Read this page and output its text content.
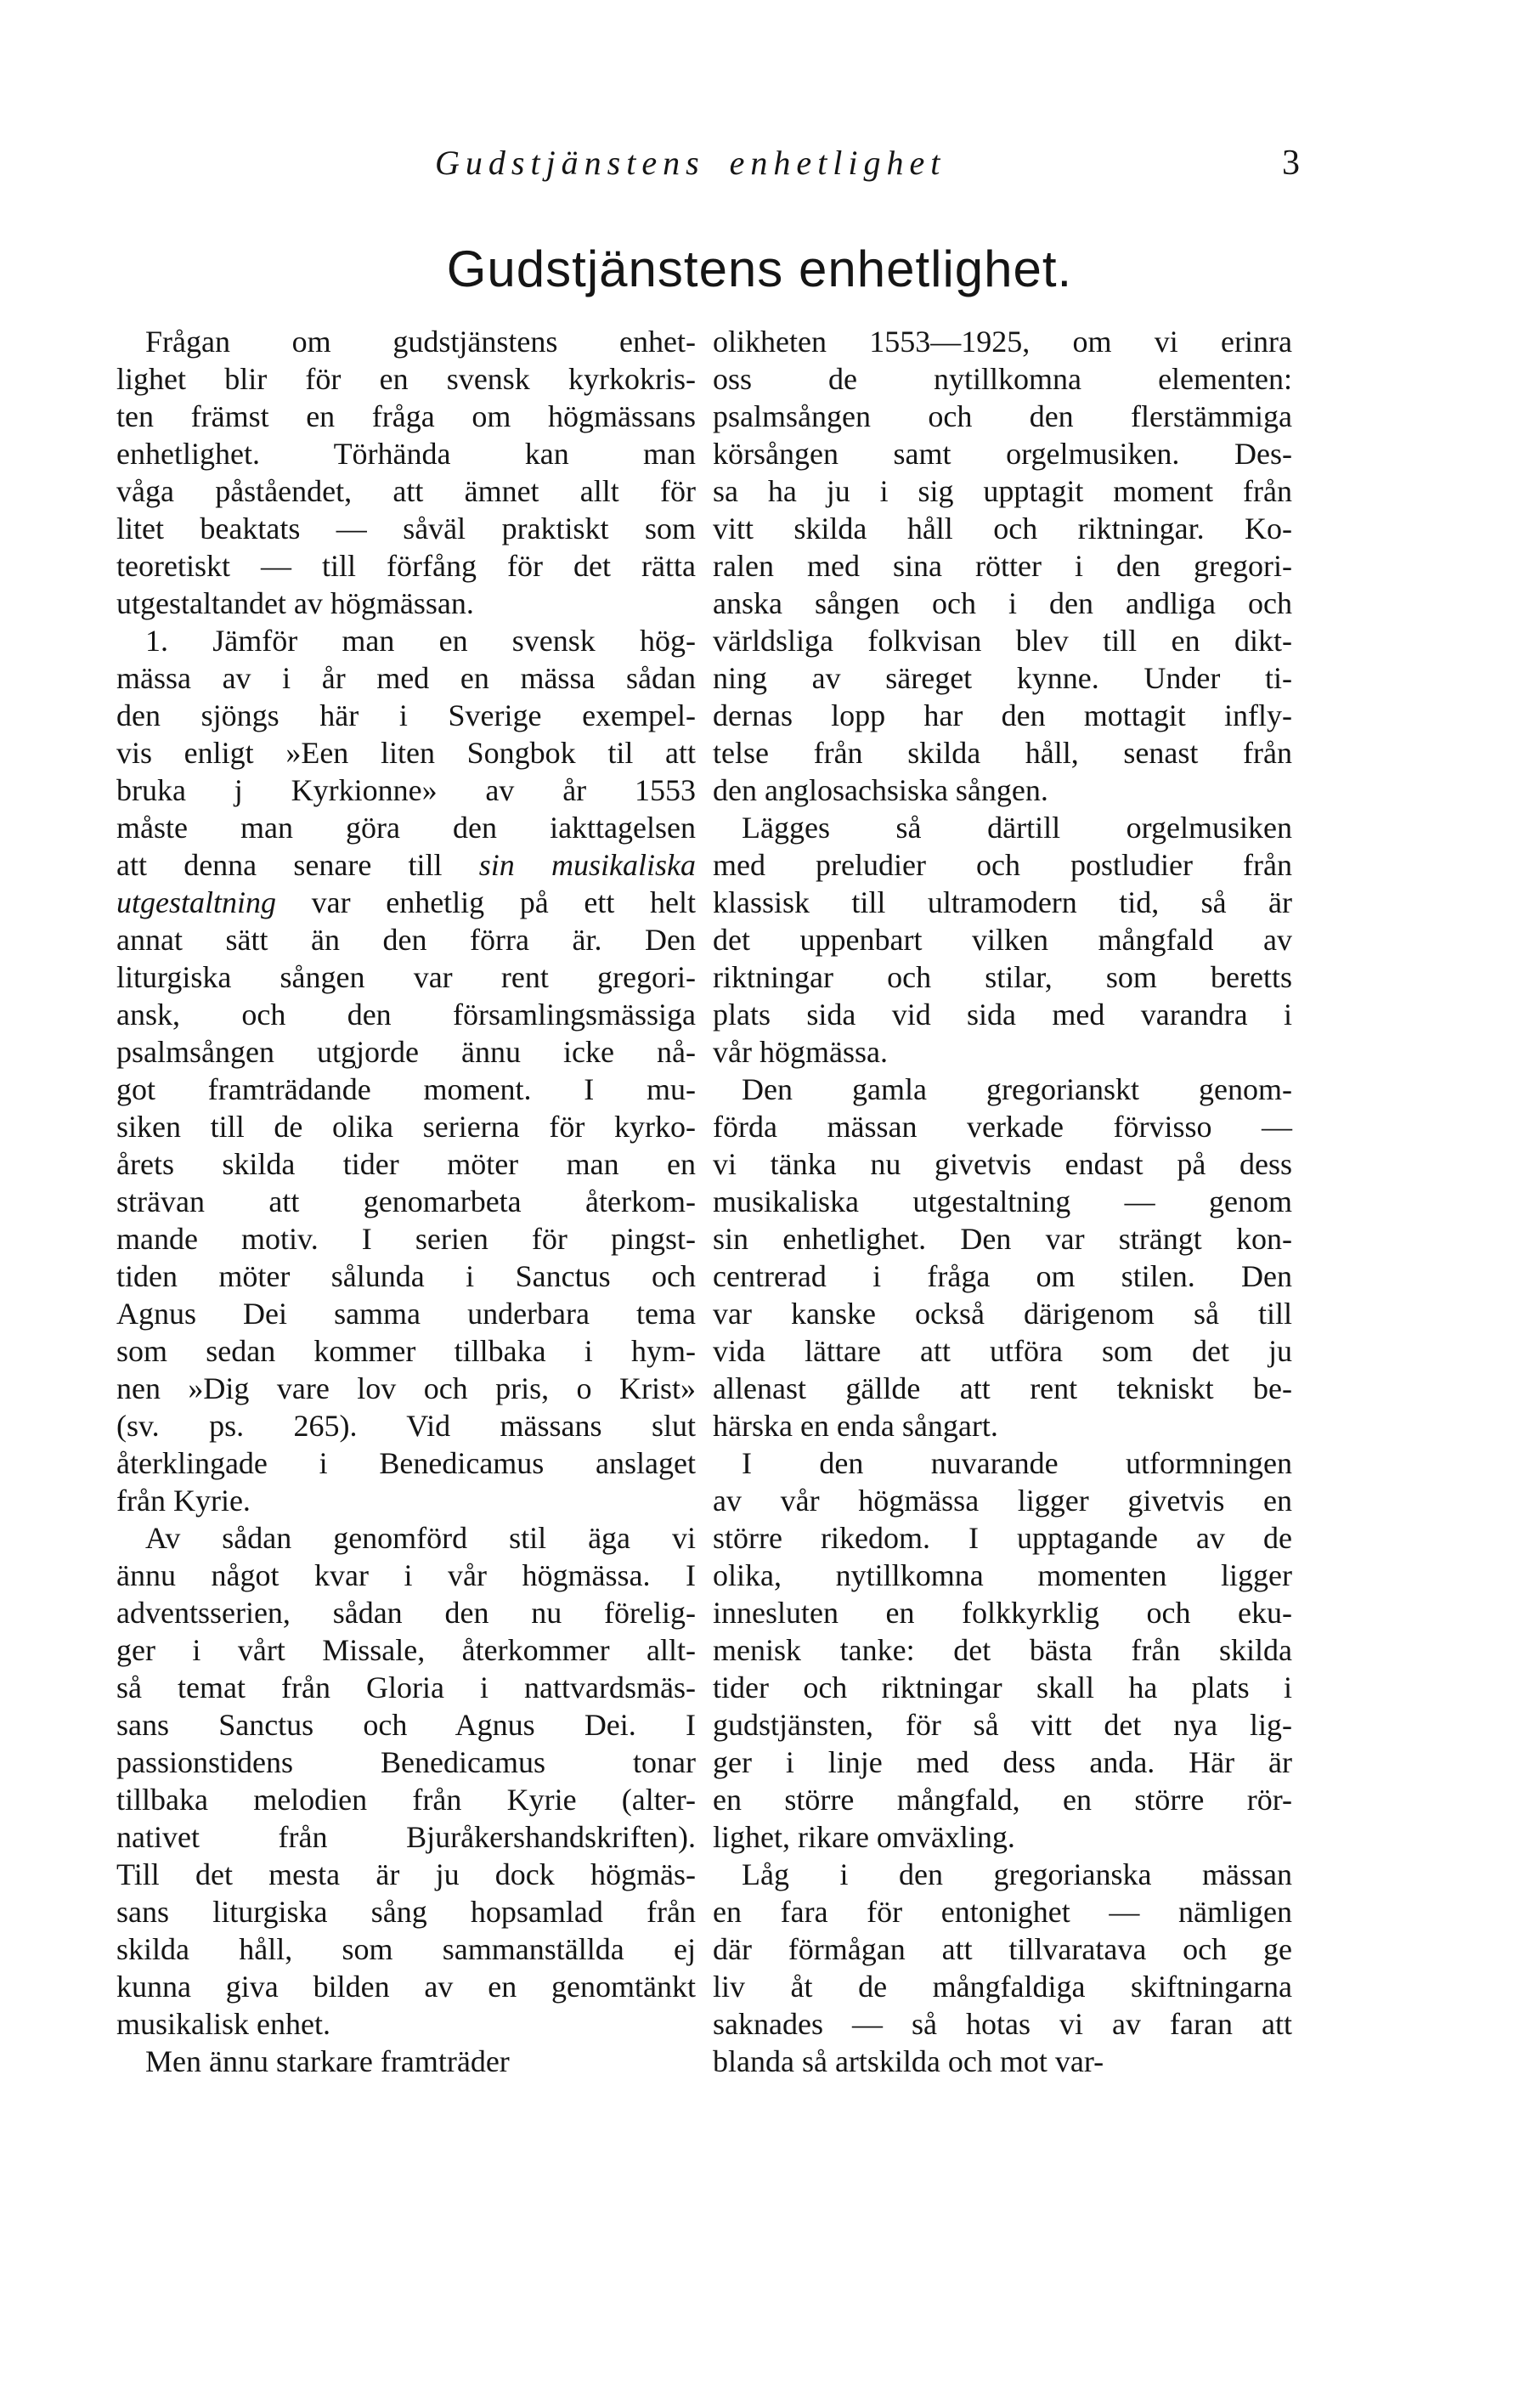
Gudstjänstens enhetlighet	3
Gudstjänstens enhetlighet.
Frågan om gudstjänstens enhet-
lighet blir för en svensk kyrkokris-
ten främst en fråga om högmässans
enhetlighet. Törhända kan man
våga påståendet, att ämnet allt för
litet beaktats — såväl praktiskt som
teoretiskt — till förfång för det rätta
utgestaltandet av högmässan.
1. Jämför man en svensk hög-
mässa av i år med en mässa sådan
den sjöngs här i Sverige exempel-
vis enligt »Een liten Songbok til att
bruka j Kyrkionne» av år 1553
måste man göra den iakttagelsen
att denna senare till sin musikaliska
utgestaltning var enhetlig på ett helt
annat sätt än den förra är. Den
liturgiska sången var rent gregori-
ansk, och den församlingsmässiga
psalmsången utgjorde ännu icke nå-
got framträdande moment. I mu-
siken till de olika serierna för kyrko-
årets skilda tider möter man en
strävan att genomarbeta återkom-
mande motiv. I serien för pingst-
tiden möter sålunda i Sanctus och
Agnus Dei samma underbara tema
som sedan kommer tillbaka i hym-
nen »Dig vare lov och pris, o Krist»
(sv. ps. 265). Vid mässans slut
återklingade i Benedicamus anslaget
från Kyrie.
Av sådan genomförd stil äga vi
ännu något kvar i vår högmässa. I
adventsserien, sådan den nu förelig-
ger i vårt Missale, återkommer allt-
så temat från Gloria i nattvardsmäs-
sans Sanctus och Agnus Dei. I
passionstidens Benedicamus tonar
tillbaka melodien från Kyrie (alter-
nativet från Bjuråkershandskriften).
Till det mesta är ju dock högmäs-
sans liturgiska sång hopsamlad från
skilda håll, som sammanställda ej
kunna giva bilden av en genomtänkt
musikalisk enhet.
Men ännu starkare framträder
olikheten 1553—1925, om vi erinra
oss de nytillkomna elementen:
psalmsången och den flerstämmiga
körsången samt orgelmusiken. Des-
sa ha ju i sig upptagit moment från
vitt skilda håll och riktningar. Ko-
ralen med sina rötter i den gregori-
anska sången och i den andliga och
världsliga folkvisan blev till en dikt-
ning av säreget kynne. Under ti-
dernas lopp har den mottagit infly-
telse från skilda håll, senast från
den anglosachsiska sången.
Lägges så därtill orgelmusiken
med preludier och postludier från
klassisk till ultramodern tid, så är
det uppenbart vilken mångfald av
riktningar och stilar, som beretts
plats sida vid sida med varandra i
vår högmässa.
Den gamla gregorianskt genom-
förda mässan verkade förvisso —
vi tänka nu givetvis endast på dess
musikaliska utgestaltning — genom
sin enhetlighet. Den var strängt kon-
centrerad i fråga om stilen. Den
var kanske också därigenom så till
vida lättare att utföra som det ju
allenast gällde att rent tekniskt be-
härska en enda sångart.
I den nuvarande utformningen
av vår högmässa ligger givetvis en
större rikedom. I upptagande av de
olika, nytillkomna momenten ligger
innesluten en folkkyrklig och eku-
menisk tanke: det bästa från skilda
tider och riktningar skall ha plats i
gudstjänsten, för så vitt det nya lig-
ger i linje med dess anda. Här är
en större mångfald, en större rör-
lighet, rikare omväxling.
Låg i den gregorianska mässan
en fara för entonighet — nämligen
där förmågan att tillvaratava och ge
liv åt de mångfaldiga skiftningarna
saknades — så hotas vi av faran att
blanda så artskilda och mot var-
